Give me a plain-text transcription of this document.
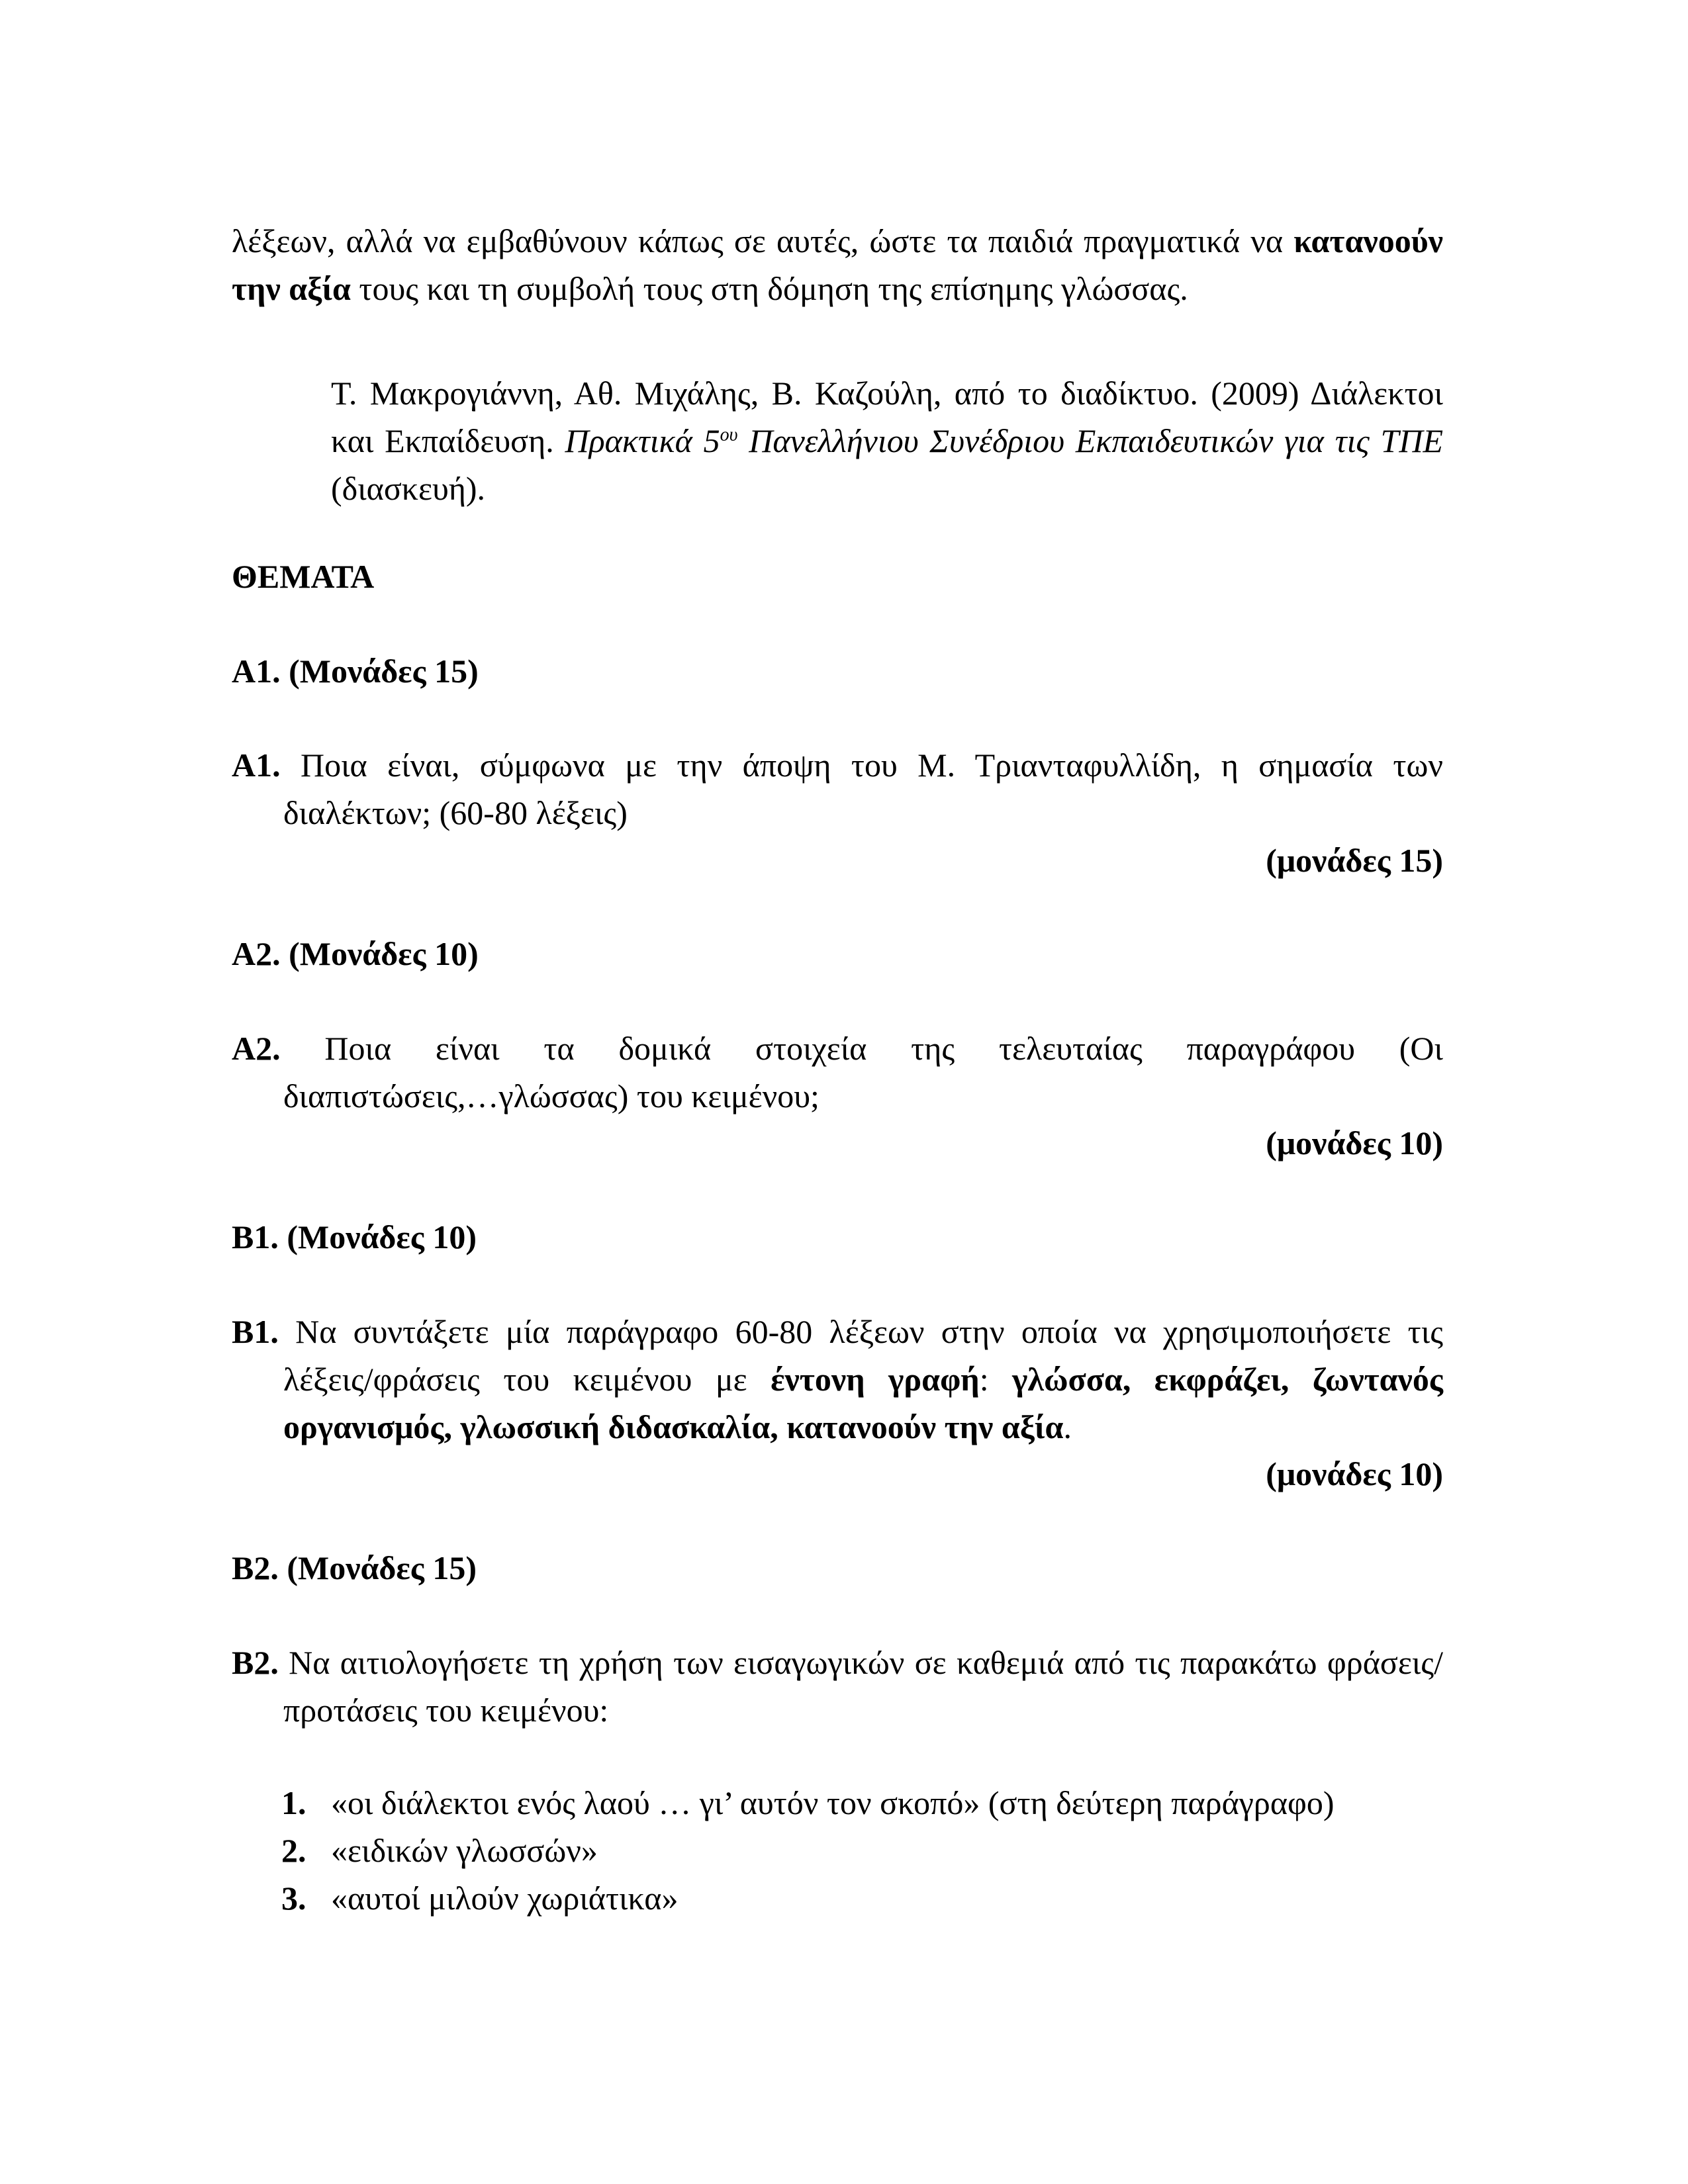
λέξεων, αλλά να εμβαθύνουν κάπως σε αυτές, ώστε τα παιδιά πραγματικά να κατανοούν την αξία τους και τη συμβολή τους στη δόμηση της επίσημης γλώσσας.

Τ. Μακρογιάννη, Αθ. Μιχάλης, Β. Καζούλη, από το διαδίκτυο. (2009) Διάλεκτοι και Εκπαίδευση. Πρακτικά $5^{o\upsilon}$ Πανελλήνιου Συνέδριου Εκπαιδευτικών για τις ΤΠΕ (διασκευή).

ΘΕΜΑΤΑ
Α1. (Μονάδες 15)

Α1. Ποια είναι, σύμφωνα με την άποψη του Μ. Τριανταφυλλίδη, η σημασία των διαλέκτων; (60-80 λέξεις)

(μονάδες 15)
Α2. (Μονάδες 10)
Α2. Ποια είναι τα δομικά στοιχεία της τελευταίας παραγράφου (Οι
διαπιστώσεις,…γλώσσας) του κειμένου;
(μονάδες 10)
Β1. (Μονάδες 10)

Β1. Να συντάξετε μία παράγραφο 60-80 λέξεων στην οποία να χρησιμοποιήσετε τις λέξεις/φράσεις του κειμένου με έντονη γραφή: γλώσσα, εκφράζει, ζωντανός οργανισμός, γλωσσική διδασκαλία, κατανοούν την αξία.

(μονάδες 10)
Β2. (Μονάδες 15)

Β2. Να αιτιολογήσετε τη χρήση των εισαγωγικών σε καθεμιά από τις παρακάτω φράσεις/προτάσεις του κειμένου:

1. «οι διάλεκτοι ενός λαού … γι’ αυτόν τον σκοπό» (στη δεύτερη παράγραφο)
2. «ειδικών γλωσσών»
3. «αυτοί μιλούν χωριάτικα»
